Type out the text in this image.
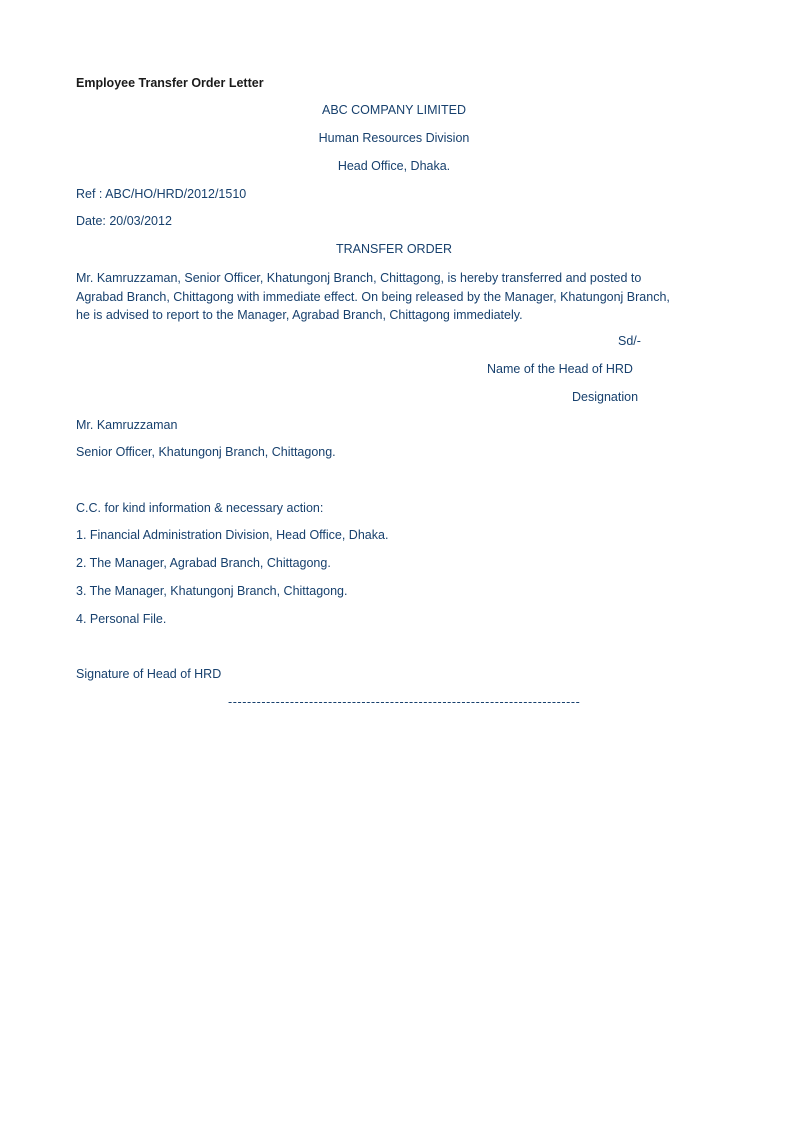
Employee Transfer Order Letter
ABC COMPANY LIMITED
Human Resources Division
Head Office, Dhaka.
Ref : ABC/HO/HRD/2012/1510
Date: 20/03/2012
TRANSFER ORDER
Mr. Kamruzzaman, Senior Officer, Khatungonj Branch, Chittagong, is hereby transferred and posted to
Agrabad Branch, Chittagong with immediate effect. On being released by the Manager, Khatungonj Branch,
he is advised to report to the Manager, Agrabad Branch, Chittagong immediately.
Sd/-
Name of the Head of HRD
Designation
Mr. Kamruzzaman
Senior Officer, Khatungonj Branch, Chittagong.
C.C. for kind information & necessary action:
1. Financial Administration Division, Head Office, Dhaka.
2. The Manager, Agrabad Branch, Chittagong.
3. The Manager, Khatungonj Branch, Chittagong.
4. Personal File.
Signature of Head of HRD
--------------------------------------------------------------------------
